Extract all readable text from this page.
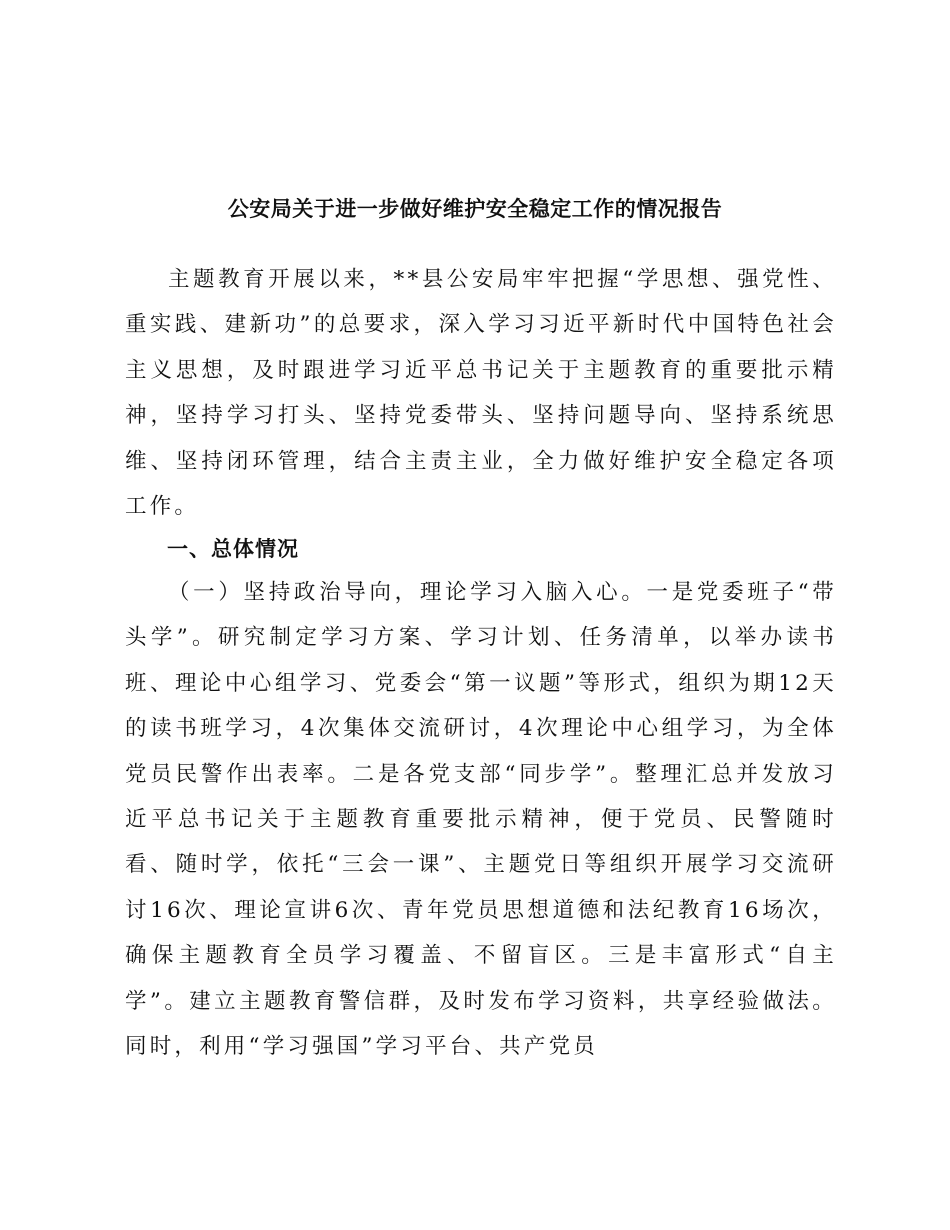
公安局关于进一步做好维护安全稳定工作的情况报告

主题教育开展以来，**县公安局牢牢把握“学思想、强党性、重实践、建新功”的总要求，深入学习习近平新时代中国特色社会主义思想，及时跟进学习近平总书记关于主题教育的重要批示精神，坚持学习打头、坚持党委带头、坚持问题导向、坚持系统思维、坚持闭环管理，结合主责主业，全力做好维护安全稳定各项工作。

一、总体情况

（一）坚持政治导向，理论学习入脑入心。一是党委班子“带头学”。研究制定学习方案、学习计划、任务清单，以举办读书班、理论中心组学习、党委会“第一议题”等形式，组织为期12天的读书班学习，4次集体交流研讨，4次理论中心组学习，为全体党员民警作出表率。二是各党支部“同步学”。整理汇总并发放习近平总书记关于主题教育重要批示精神，便于党员、民警随时看、随时学，依托“三会一课”、主题党日等组织开展学习交流研讨16次、理论宣讲6次、青年党员思想道德和法纪教育16场次，确保主题教育全员学习覆盖、不留盲区。三是丰富形式“自主学”。建立主题教育警信群，及时发布学习资料，共享经验做法。同时，利用“学习强国”学习平台、共产党员
